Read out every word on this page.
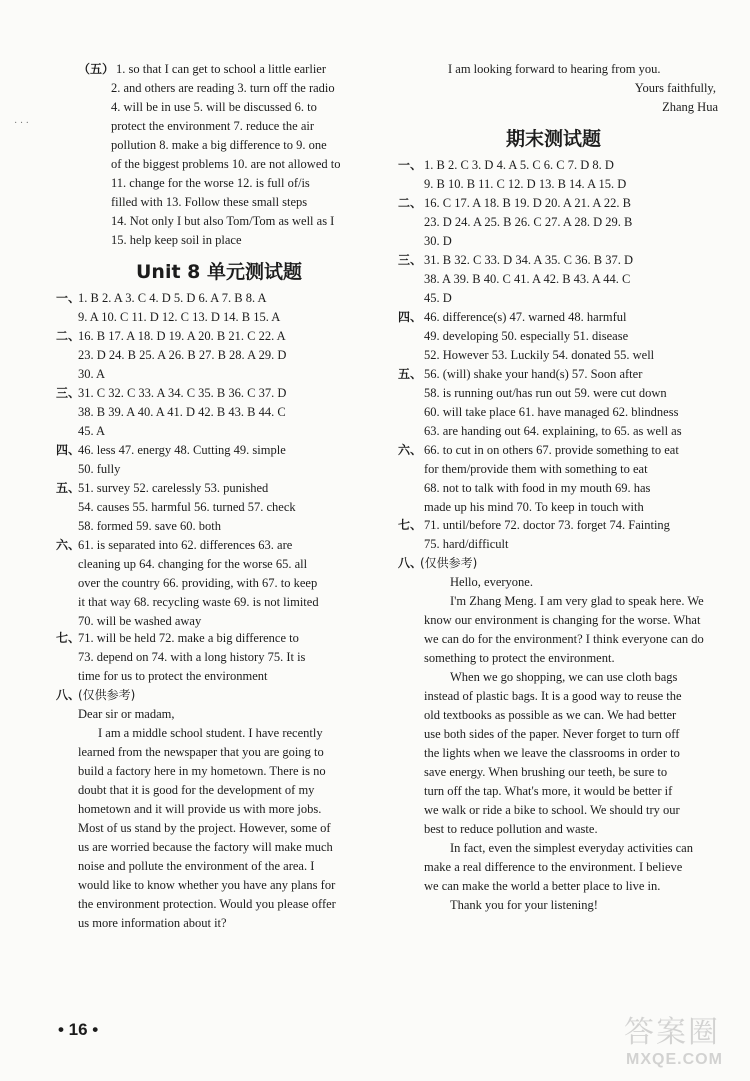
（五） 1. so that I can get to school a little earlier
2. and others are reading 3. turn off the radio
4. will be in use 5. will be discussed 6. to
protect the environment 7. reduce the air
pollution 8. make a big difference to 9. one
of the biggest problems 10. are not allowed to
11. change for the worse 12. is full of/is
filled with 13. Follow these small steps
14. Not only I but also Tom/Tom as well as I
15. help keep soil in place
Unit 8 单元测试题
一、
1. B 2. A 3. C 4. D 5. D 6. A 7. B 8. A
9. A 10. C 11. D 12. C 13. D 14. B 15. A
二、
16. B 17. A 18. D 19. A 20. B 21. C 22. A
23. D 24. B 25. A 26. B 27. B 28. A 29. D
30. A
三、
31. C 32. C 33. A 34. C 35. B 36. C 37. D
38. B 39. A 40. A 41. D 42. B 43. B 44. C
45. A
四、
46. less 47. energy 48. Cutting 49. simple
50. fully
五、
51. survey 52. carelessly 53. punished
54. causes 55. harmful 56. turned 57. check
58. formed 59. save 60. both
六、
61. is separated into 62. differences 63. are
cleaning up 64. changing for the worse 65. all
over the country 66. providing, with 67. to keep
it that way 68. recycling waste 69. is not limited
70. will be washed away
七、
71. will be held 72. make a big difference to
73. depend on 74. with a long history 75. It is
time for us to protect the environment
八、
(仅供参考)
Dear sir or madam,
I am a middle school student. I have recently
learned from the newspaper that you are going to
build a factory here in my hometown. There is no
doubt that it is good for the development of my
hometown and it will provide us with more jobs.
Most of us stand by the project. However, some of
us are worried because the factory will make much
noise and pollute the environment of the area. I
would like to know whether you have any plans for
the environment protection. Would you please offer
us more information about it?
I am looking forward to hearing from you.
Yours faithfully,
Zhang Hua
期末测试题
一、 1. B 2. C 3. D 4. A 5. C 6. C 7. D 8. D
9. B 10. B 11. C 12. D 13. B 14. A 15. D
二、 16. C 17. A 18. B 19. D 20. A 21. A 22. B
23. D 24. A 25. B 26. C 27. A 28. D 29. B
30. D
三、 31. B 32. C 33. D 34. A 35. C 36. B 37. D
38. A 39. B 40. C 41. A 42. B 43. A 44. C
45. D
四、 46. difference(s) 47. warned 48. harmful
49. developing 50. especially 51. disease
52. However 53. Luckily 54. donated 55. well
五、 56. (will) shake your hand(s) 57. Soon after
58. is running out/has run out 59. were cut down
60. will take place 61. have managed 62. blindness
63. are handing out 64. explaining, to 65. as well as
六、 66. to cut in on others 67. provide something to eat
for them/provide them with something to eat
68. not to talk with food in my mouth 69. has
made up his mind 70. To keep in touch with
七、 71. until/before 72. doctor 73. forget 74. Fainting
75. hard/difficult
八、
(仅供参考)
Hello, everyone.
I'm Zhang Meng. I am very glad to speak here. We
know our environment is changing for the worse. What
we can do for the environment? I think everyone can do
something to protect the environment.
When we go shopping, we can use cloth bags
instead of plastic bags. It is a good way to reuse the
old textbooks as possible as we can. We had better
use both sides of the paper. Never forget to turn off
the lights when we leave the classrooms in order to
save energy. When brushing our teeth, be sure to
turn off the tap. What's more, it would be better if
we walk or ride a bike to school. We should try our
best to reduce pollution and waste.
In fact, even the simplest everyday activities can
make a real difference to the environment. I believe
we can make the world a better place to live in.
Thank you for your listening!
· · ·
• 16 •	答案圈
MXQE.COM
